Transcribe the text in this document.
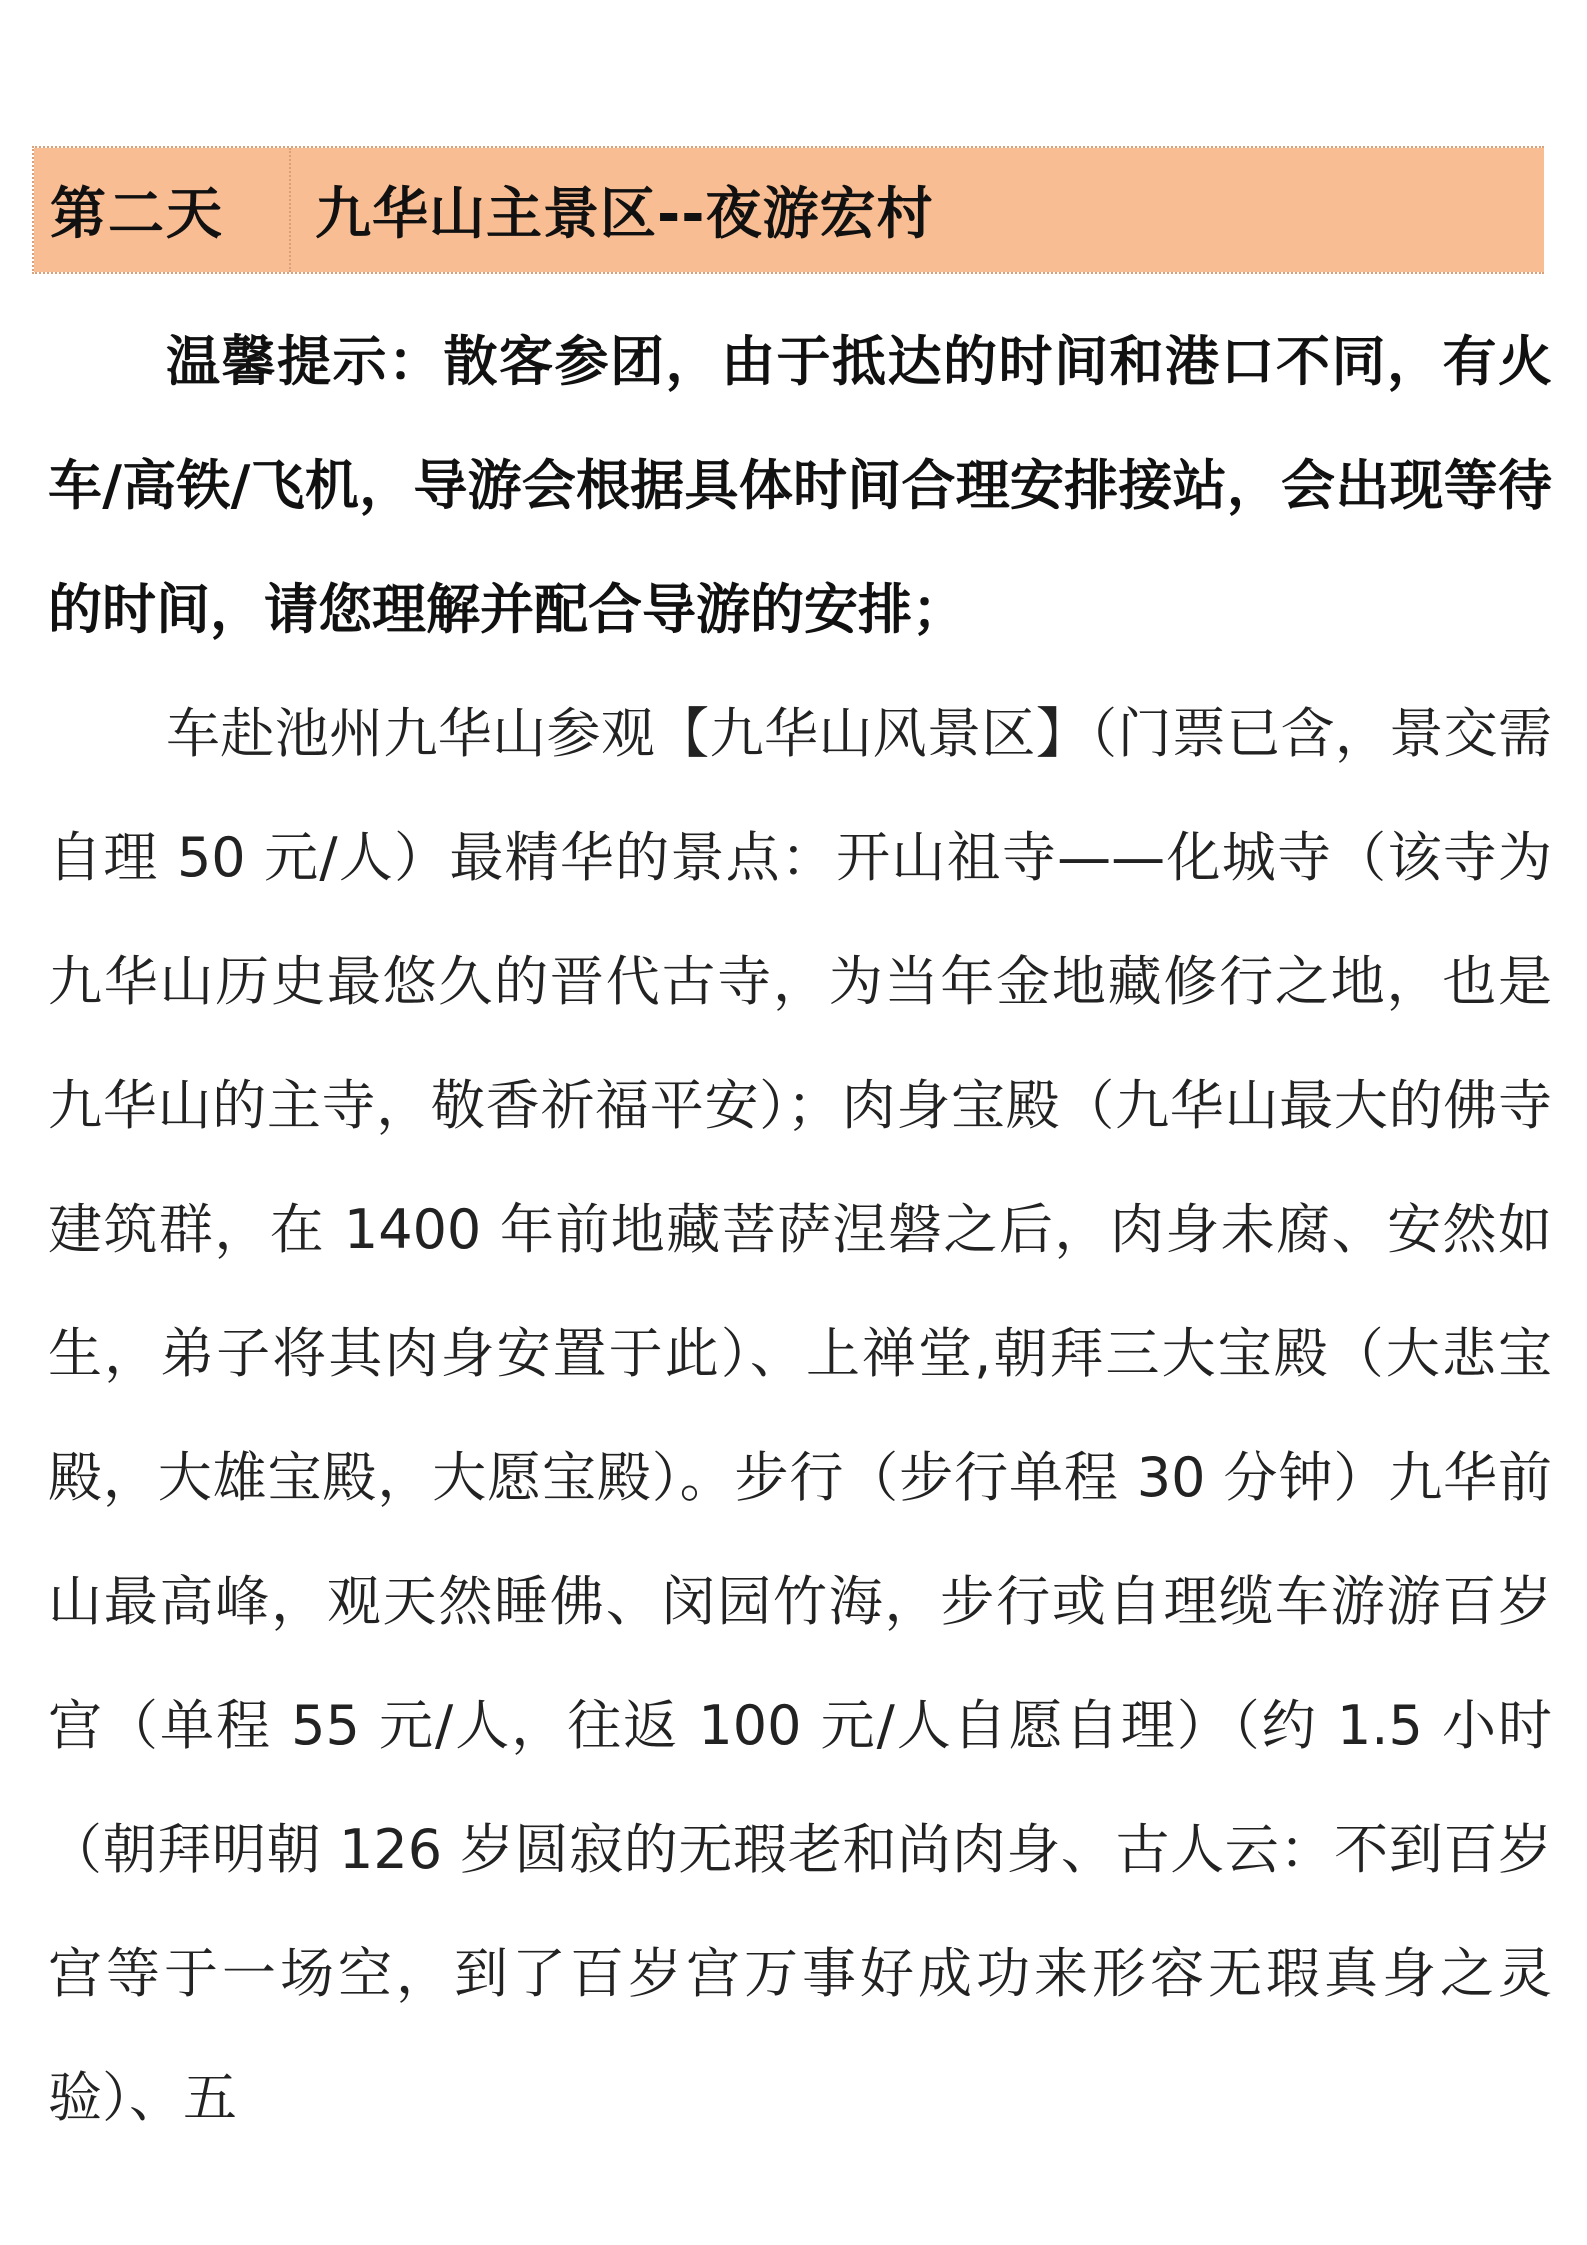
第二天	九华山主景区--夜游宏村

温馨提示：散客参团，由于抵达的时间和港口不同，有火车/高铁/飞机，导游会根据具体时间合理安排接站，会出现等待的时间，请您理解并配合导游的安排；

车赴池州九华山参观【九华山风景区】（门票已含，景交需自理 50 元/人）最精华的景点：开山祖寺——化城寺（该寺为九华山历史最悠久的晋代古寺，为当年金地藏修行之地，也是九华山的主寺，敬香祈福平安）；肉身宝殿（九华山最大的佛寺建筑群，在 1400 年前地藏菩萨涅磐之后，肉身未腐、安然如生，弟子将其肉身安置于此）、上禅堂,朝拜三大宝殿（大悲宝殿，大雄宝殿，大愿宝殿）。步行（步行单程 30 分钟）九华前山最高峰，观天然睡佛、闵园竹海，步行或自理缆车游游百岁宫（单程 55 元/人，往返 100 元/人自愿自理）（约 1.5 小时（朝拜明朝 126 岁圆寂的无瑕老和尚肉身、古人云：不到百岁宫等于一场空，到了百岁宫万事好成功来形容无瑕真身之灵验）、五
